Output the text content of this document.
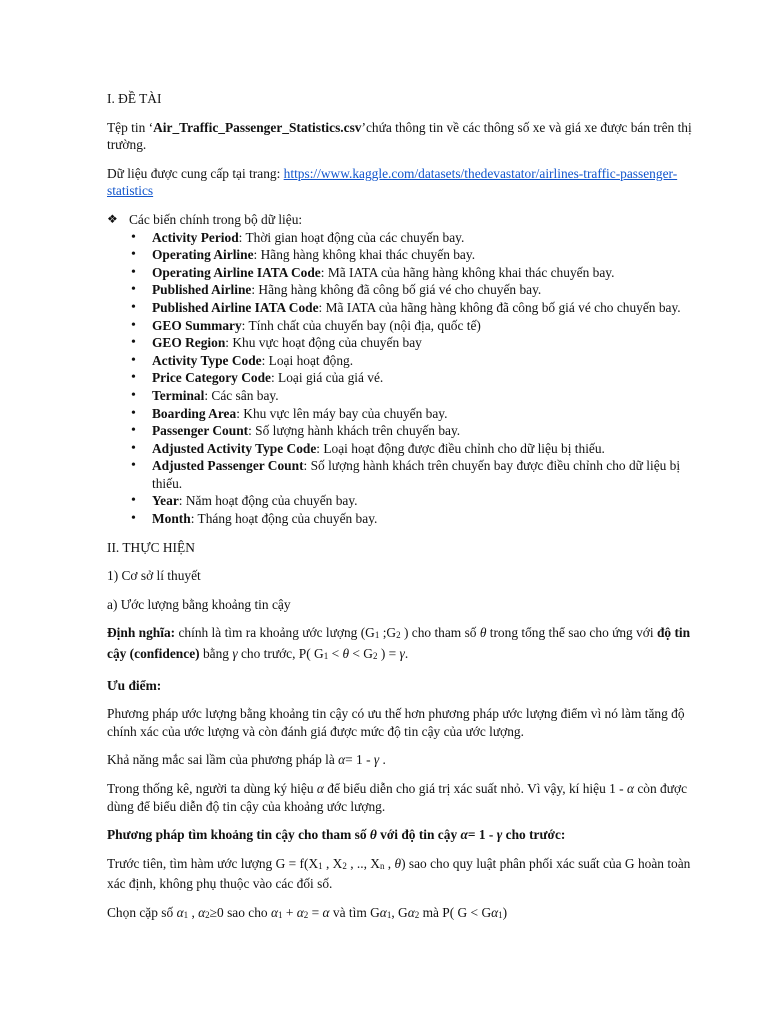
I. ĐỀ TÀI

Tệp tin ‘Air_Traffic_Passenger_Statistics.csv’chứa thông tin về các thông số xe và giá xe được bán trên thị trường.

Dữ liệu được cung cấp tại trang: https://www.kaggle.com/datasets/thedevastator/airlines-traffic-passenger-statistics

❖ Các biến chính trong bộ dữ liệu:
• Activity Period: Thời gian hoạt động của các chuyến bay.
• Operating Airline: Hãng hàng không khai thác chuyến bay.
• Operating Airline IATA Code: Mã IATA của hãng hàng không khai thác chuyến bay.
• Published Airline: Hãng hàng không đã công bố giá vé cho chuyến bay.
• Published Airline IATA Code: Mã IATA của hãng hàng không đã công bố giá vé cho chuyến bay.
• GEO Summary: Tính chất của chuyến bay (nội địa, quốc tế)
• GEO Region: Khu vực hoạt động của chuyến bay
• Activity Type Code: Loại hoạt động.
• Price Category Code: Loại giá của giá vé.
• Terminal: Các sân bay.
• Boarding Area: Khu vực lên máy bay của chuyến bay.
• Passenger Count: Số lượng hành khách trên chuyến bay.
• Adjusted Activity Type Code: Loại hoạt động được điều chỉnh cho dữ liệu bị thiếu.
• Adjusted Passenger Count: Số lượng hành khách trên chuyến bay được điều chỉnh cho dữ liệu bị thiếu.
• Year: Năm hoạt động của chuyến bay.
• Month: Tháng hoạt động của chuyến bay.

II. THỰC HIỆN

1) Cơ sở lí thuyết

a) Ước lượng bằng khoảng tin cậy

Định nghĩa: chính là tìm ra khoảng ước lượng (G1 ;G2 ) cho tham số θ trong tổng thể sao cho ứng với độ tin cậy (confidence) bằng γ cho trước, P( G1 < θ < G2 ) = γ.

Ưu điểm:

Phương pháp ước lượng bằng khoảng tin cậy có ưu thế hơn phương pháp ước lượng điểm vì nó làm tăng độ chính xác của ước lượng và còn đánh giá được mức độ tin cậy của ước lượng.

Khả năng mắc sai lầm của phương pháp là α= 1 - γ .

Trong thống kê, người ta dùng ký hiệu α để biểu diễn cho giá trị xác suất nhỏ. Vì vậy, kí hiệu 1 - α còn được dùng để biểu diễn độ tin cậy của khoảng ước lượng.

Phương pháp tìm khoảng tin cậy cho tham số θ với độ tin cậy α= 1 - γ cho trước:

Trước tiên, tìm hàm ước lượng G = f(X1 , X2 , .., Xn , θ) sao cho quy luật phân phối xác suất của G hoàn toàn xác định, không phụ thuộc vào các đối số.

Chọn cặp số α1 , α2≥0 sao cho α1 + α2 = α và tìm Gα1, Gα2 mà P( G < Gα1)
